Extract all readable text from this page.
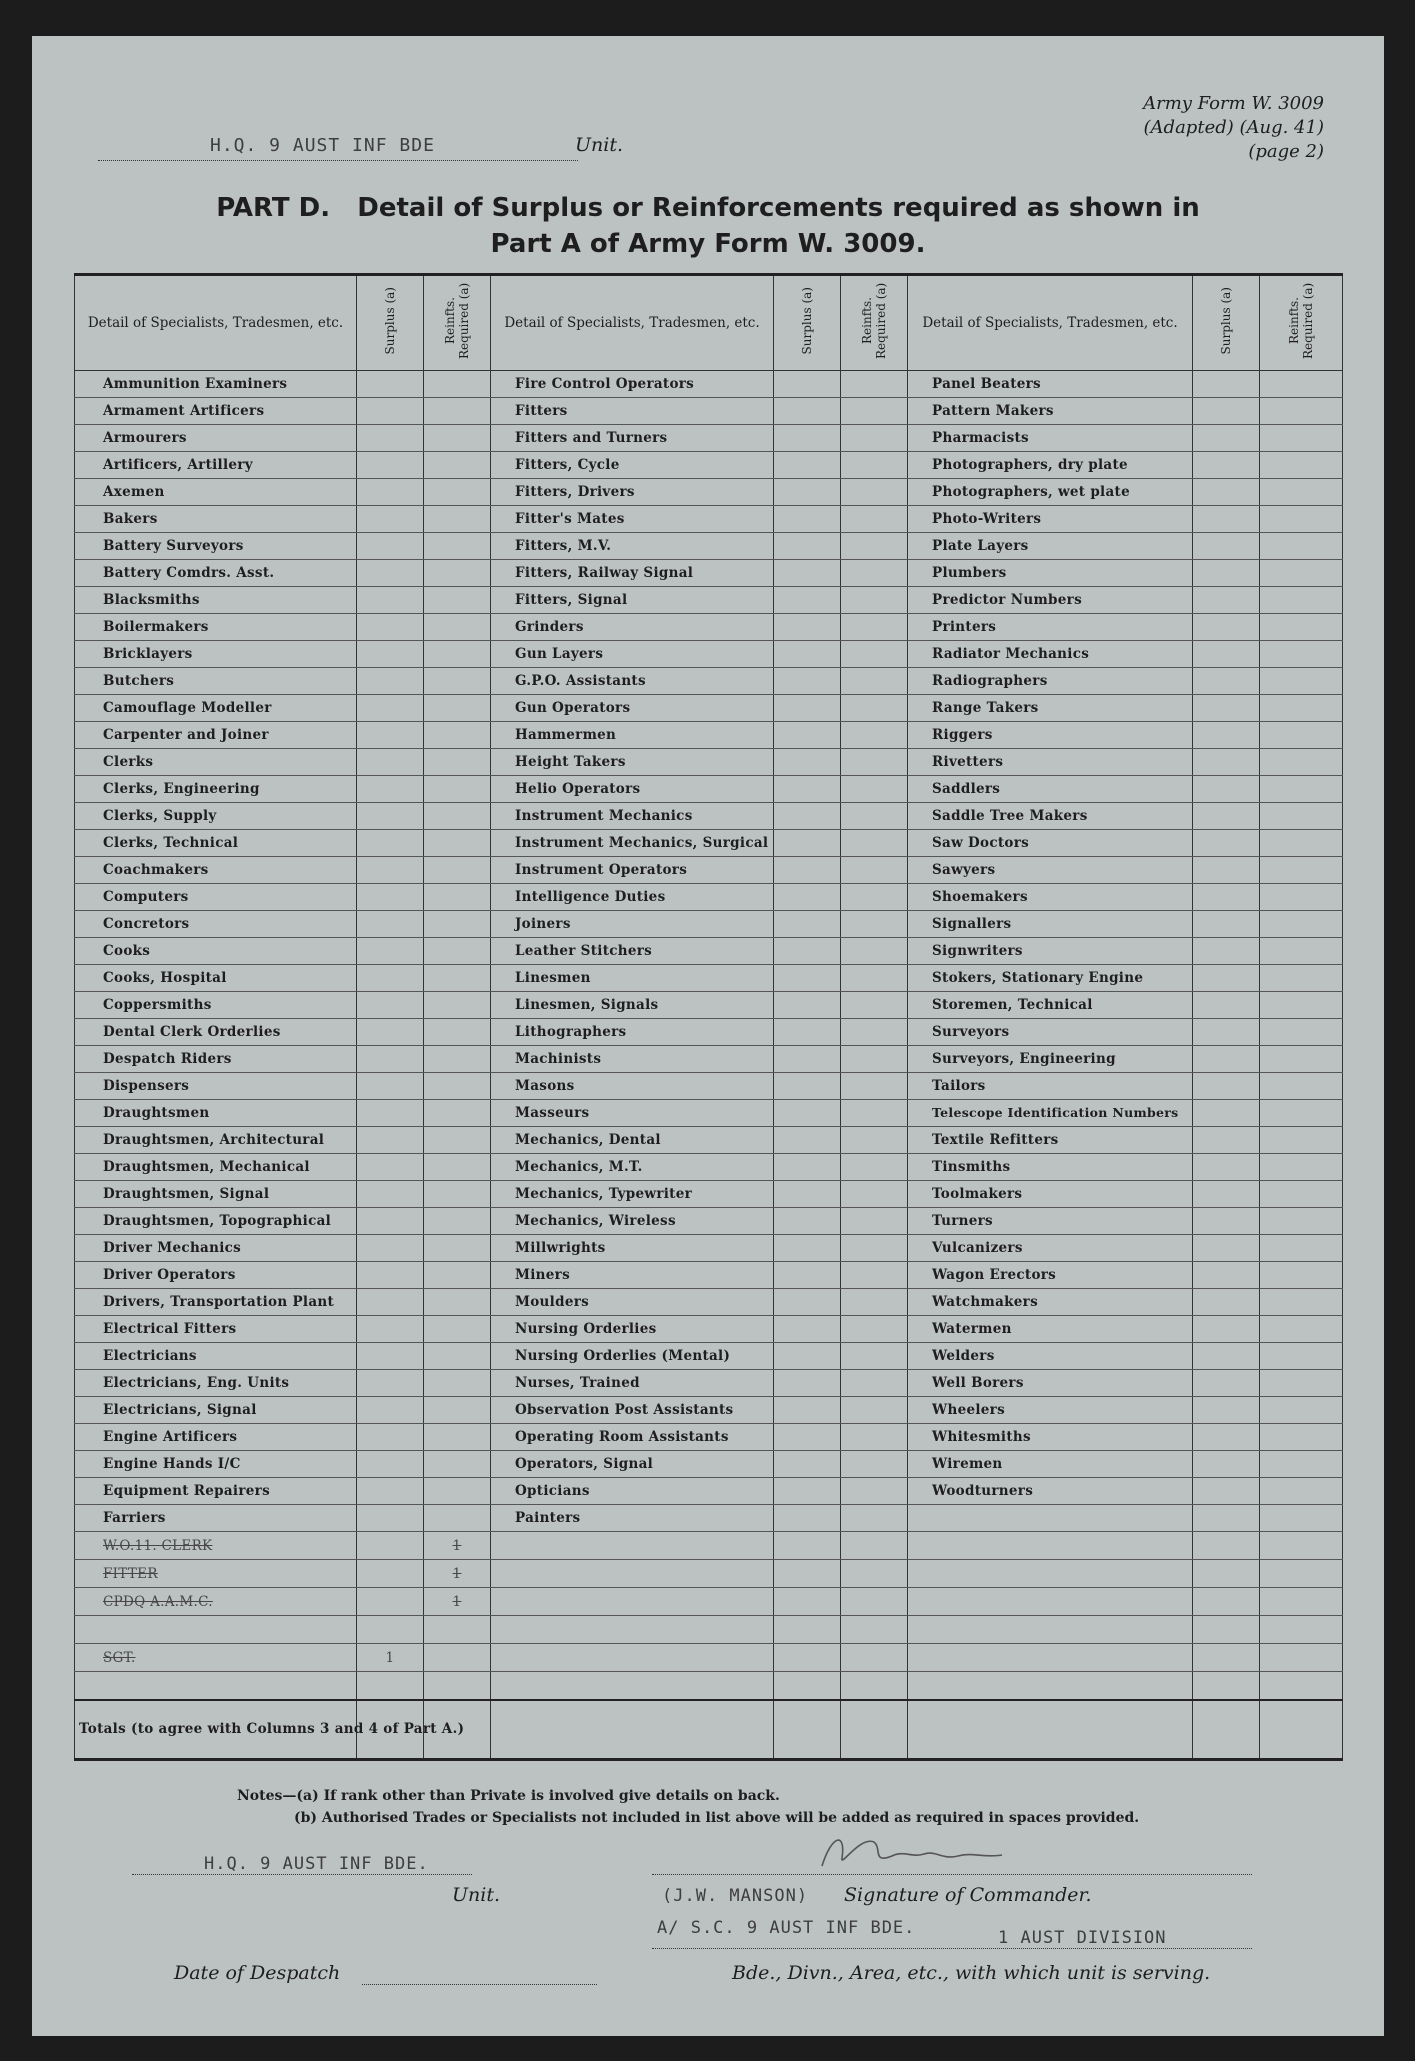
Army Form W. 3009
(Adapted) (Aug. 41)
(page 2)
H.Q. 9 AUST INF BDE	Unit.
PART D.   Detail of Surplus or Reinforcements required as shown in
Part A of Army Form W. 3009.
Detail of Specialists, Tradesmen, etc.	Surplus (a)	Reinfts. Required (a)	Detail of Specialists, Tradesmen, etc.	Surplus (a)	Reinfts. Required (a)	Detail of Specialists, Tradesmen, etc.	Surplus (a)	Reinfts. Required (a)
Ammunition Examiners			Fire Control Operators			Panel Beaters		
Armament Artificers			Fitters			Pattern Makers		
Armourers			Fitters and Turners			Pharmacists		
Artificers, Artillery			Fitters, Cycle			Photographers, dry plate		
Axemen			Fitters, Drivers			Photographers, wet plate		
Bakers			Fitter's Mates			Photo-Writers		
Battery Surveyors			Fitters, M.V.			Plate Layers		
Battery Comdrs. Asst.			Fitters, Railway Signal			Plumbers		
Blacksmiths			Fitters, Signal			Predictor Numbers		
Boilermakers			Grinders			Printers		
Bricklayers			Gun Layers			Radiator Mechanics		
Butchers			G.P.O. Assistants			Radiographers		
Camouflage Modeller			Gun Operators			Range Takers		
Carpenter and Joiner			Hammermen			Riggers		
Clerks			Height Takers			Rivetters		
Clerks, Engineering			Helio Operators			Saddlers		
Clerks, Supply			Instrument Mechanics			Saddle Tree Makers		
Clerks, Technical			Instrument Mechanics, Surgical			Saw Doctors		
Coachmakers			Instrument Operators			Sawyers		
Computers			Intelligence Duties			Shoemakers		
Concretors			Joiners			Signallers		
Cooks			Leather Stitchers			Signwriters		
Cooks, Hospital			Linesmen			Stokers, Stationary Engine		
Coppersmiths			Linesmen, Signals			Storemen, Technical		
Dental Clerk Orderlies			Lithographers			Surveyors		
Despatch Riders			Machinists			Surveyors, Engineering		
Dispensers			Masons			Tailors		
Draughtsmen			Masseurs			Telescope Identification Numbers		
Draughtsmen, Architectural			Mechanics, Dental			Textile Refitters		
Draughtsmen, Mechanical			Mechanics, M.T.			Tinsmiths		
Draughtsmen, Signal			Mechanics, Typewriter			Toolmakers		
Draughtsmen, Topographical			Mechanics, Wireless			Turners		
Driver Mechanics			Millwrights			Vulcanizers		
Driver Operators			Miners			Wagon Erectors		
Drivers, Transportation Plant			Moulders			Watchmakers		
Electrical Fitters			Nursing Orderlies			Watermen		
Electricians			Nursing Orderlies (Mental)			Welders		
Electricians, Eng. Units			Nurses, Trained			Well Borers		
Electricians, Signal			Observation Post Assistants			Wheelers		
Engine Artificers			Operating Room Assistants			Whitesmiths		
Engine Hands I/C			Operators, Signal			Wiremen		
Equipment Repairers			Opticians			Woodturners		
Farriers			Painters					
W.O.11. CLERK		1						
FITTER		1						
CPDQ A.A.M.C.		1						

SGT.	1							

Totals (to agree with Columns 3 and 4 of Part A.)								
Notes—(a) If rank other than Private is involved give details on back.
(b) Authorised Trades or Specialists not included in list above will be added as required in spaces provided.
H.Q. 9 AUST INF BDE.
Unit.	(J.W. MANSON) Signature of Commander.
A/ S.C. 9 AUST INF BDE.	1 AUST DIVISION
Date of Despatch	Bde., Divn., Area, etc., with which unit is serving.
